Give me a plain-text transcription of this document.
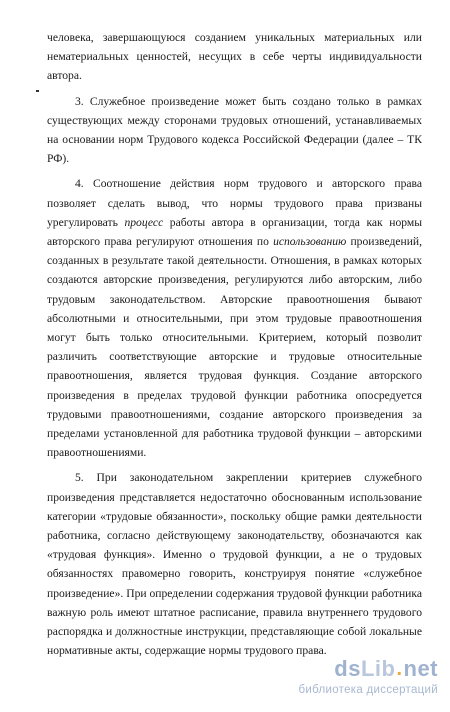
человека, завершающуюся созданием уникальных материальных или нематериальных ценностей, несущих в себе черты индивидуальности автора.

3. Служебное произведение может быть создано только в рамках существующих между сторонами трудовых отношений, устанавливаемых на основании норм Трудового кодекса Российской Федерации (далее – ТК РФ).

4. Соотношение действия норм трудового и авторского права позволяет сделать вывод, что нормы трудового права призваны урегулировать процесс работы автора в организации, тогда как нормы авторского права регулируют отношения по использованию произведений, созданных в результате такой деятельности. Отношения, в рамках которых создаются авторские произведения, регулируются либо авторским, либо трудовым законодательством. Авторские правоотношения бывают абсолютными и относительными, при этом трудовые правоотношения могут быть только относительными. Критерием, который позволит различить соответствующие авторские и трудовые относительные правоотношения, является трудовая функция. Создание авторского произведения в пределах трудовой функции работника опосредуется трудовыми правоотношениями, создание авторского произведения за пределами установленной для работника трудовой функции – авторскими правоотношениями.

5. При законодательном закреплении критериев служебного произведения представляется недостаточно обоснованным использование категории «трудовые обязанности», поскольку общие рамки деятельности работника, согласно действующему законодательству, обозначаются как «трудовая функция». Именно о трудовой функции, а не о трудовых обязанностях правомерно говорить, конструируя понятие «служебное произведение». При определении содержания трудовой функции работника важную роль имеют штатное расписание, правила внутреннего трудового распорядка и должностные инструкции, представляющие собой локальные нормативные акты, содержащие нормы трудового права.

ds Lib . net
библиотека диссертаций
